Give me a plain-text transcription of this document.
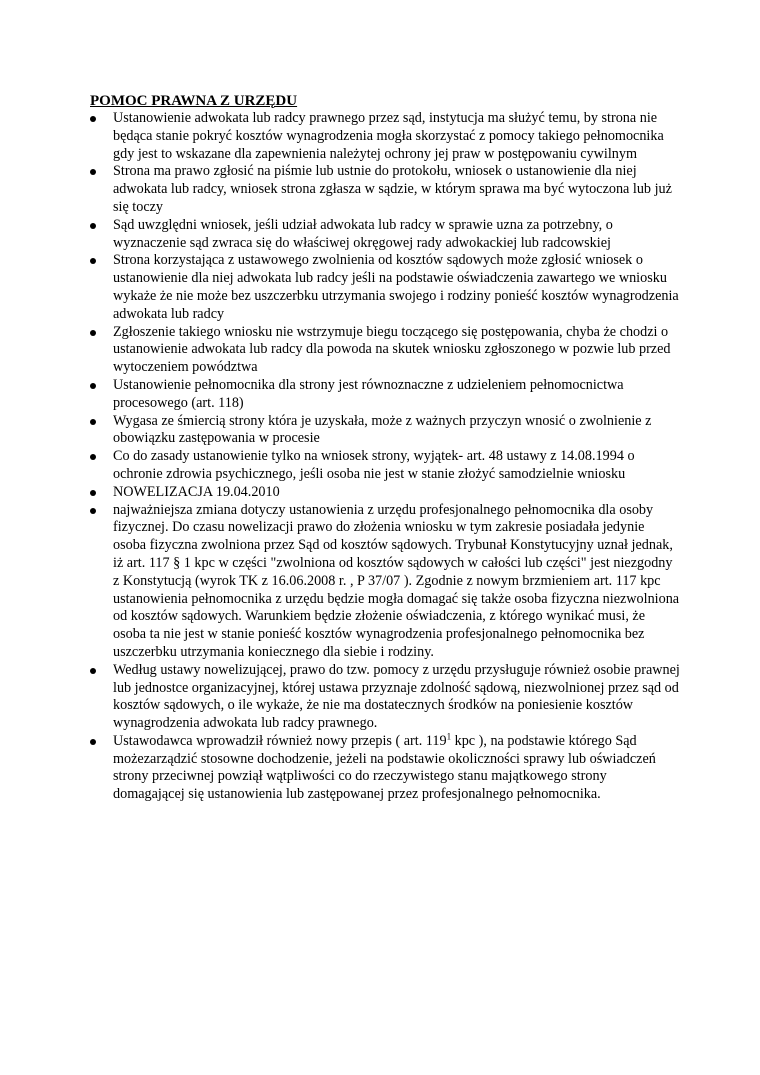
POMOC PRAWNA Z URZĘDU

Ustanowienie adwokata lub radcy prawnego przez sąd, instytucja ma służyć temu, by strona nie będąca stanie pokryć kosztów wynagrodzenia mogła skorzystać z pomocy takiego pełnomocnika gdy jest to wskazane dla zapewnienia należytej ochrony jej praw w postępowaniu cywilnym
Strona ma prawo zgłosić na piśmie lub ustnie do protokołu, wniosek o ustanowienie dla niej adwokata lub radcy, wniosek strona zgłasza w sądzie, w którym sprawa ma być wytoczona lub już się toczy
Sąd uwzględni wniosek, jeśli udział adwokata lub radcy w sprawie uzna za potrzebny, o wyznaczenie sąd zwraca się do właściwej okręgowej rady adwokackiej lub radcowskiej
Strona korzystająca z ustawowego zwolnienia od kosztów sądowych może zgłosić wniosek o ustanowienie dla niej adwokata lub radcy jeśli na podstawie oświadczenia zawartego we wniosku wykaże że nie może bez uszczerbku utrzymania swojego i rodziny ponieść kosztów wynagrodzenia adwokata lub radcy
Zgłoszenie takiego wniosku nie wstrzymuje biegu toczącego się postępowania, chyba że chodzi o ustanowienie adwokata lub radcy dla powoda na skutek wniosku zgłoszonego w pozwie lub przed wytoczeniem powództwa
Ustanowienie pełnomocnika dla strony jest równoznaczne z udzieleniem pełnomocnictwa procesowego (art. 118)
Wygasa ze śmiercią strony która je uzyskała, może z ważnych przyczyn wnosić o zwolnienie z obowiązku zastępowania w procesie
Co do zasady ustanowienie tylko na wniosek strony, wyjątek- art. 48 ustawy z 14.08.1994 o ochronie zdrowia psychicznego, jeśli osoba nie jest w stanie złożyć samodzielnie wniosku
NOWELIZACJA 19.04.2010
najważniejsza zmiana dotyczy ustanowienia z urzędu profesjonalnego pełnomocnika dla osoby fizycznej. Do czasu nowelizacji prawo do złożenia wniosku w tym zakresie posiadała jedynie osoba fizyczna zwolniona przez Sąd od kosztów sądowych. Trybunał Konstytucyjny uznał jednak, iż art. 117 § 1 kpc w części "zwolniona od kosztów sądowych w całości lub części" jest niezgodny z Konstytucją (wyrok TK z 16.06.2008 r. , P 37/07 ). Zgodnie z nowym brzmieniem art. 117 kpc ustanowienia pełnomocnika z urzędu będzie mogła domagać się także osoba fizyczna niezwolniona od kosztów sądowych. Warunkiem będzie złożenie oświadczenia, z którego wynikać musi, że osoba ta nie jest w stanie ponieść kosztów wynagrodzenia profesjonalnego pełnomocnika bez uszczerbku utrzymania koniecznego dla siebie i rodziny.
Według ustawy nowelizującej, prawo do tzw. pomocy z urzędu przysługuje również osobie prawnej lub jednostce organizacyjnej, której ustawa przyznaje zdolność sądową, niezwolnionej przez sąd od kosztów sądowych, o ile wykaże, że nie ma dostatecznych środków na poniesienie kosztów wynagrodzenia adwokata lub radcy prawnego.
Ustawodawca wprowadził również nowy przepis ( art. $119^1$ kpc ), na podstawie którego Sąd możezarządzić stosowne dochodzenie, jeżeli na podstawie okoliczności sprawy lub oświadczeń strony przeciwnej powziął wątpliwości co do rzeczywistego stanu majątkowego strony domagającej się ustanowienia lub zastępowanej przez profesjonalnego pełnomocnika.
